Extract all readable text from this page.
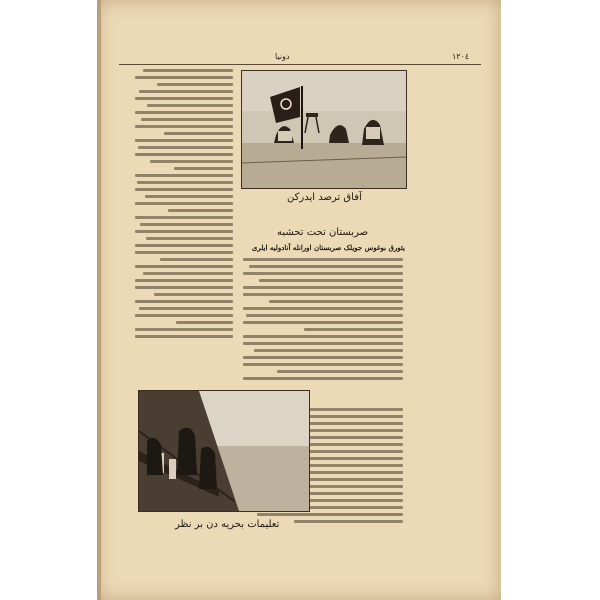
١٢٠٤
دونیا
آفاق ترصد ایدرکن
صربستان تحت تحشبه
یئورق بوغوس جویلک صربستان اورانله آنادولیه ایلری
تعلیمات بحریه دن بر نظر
